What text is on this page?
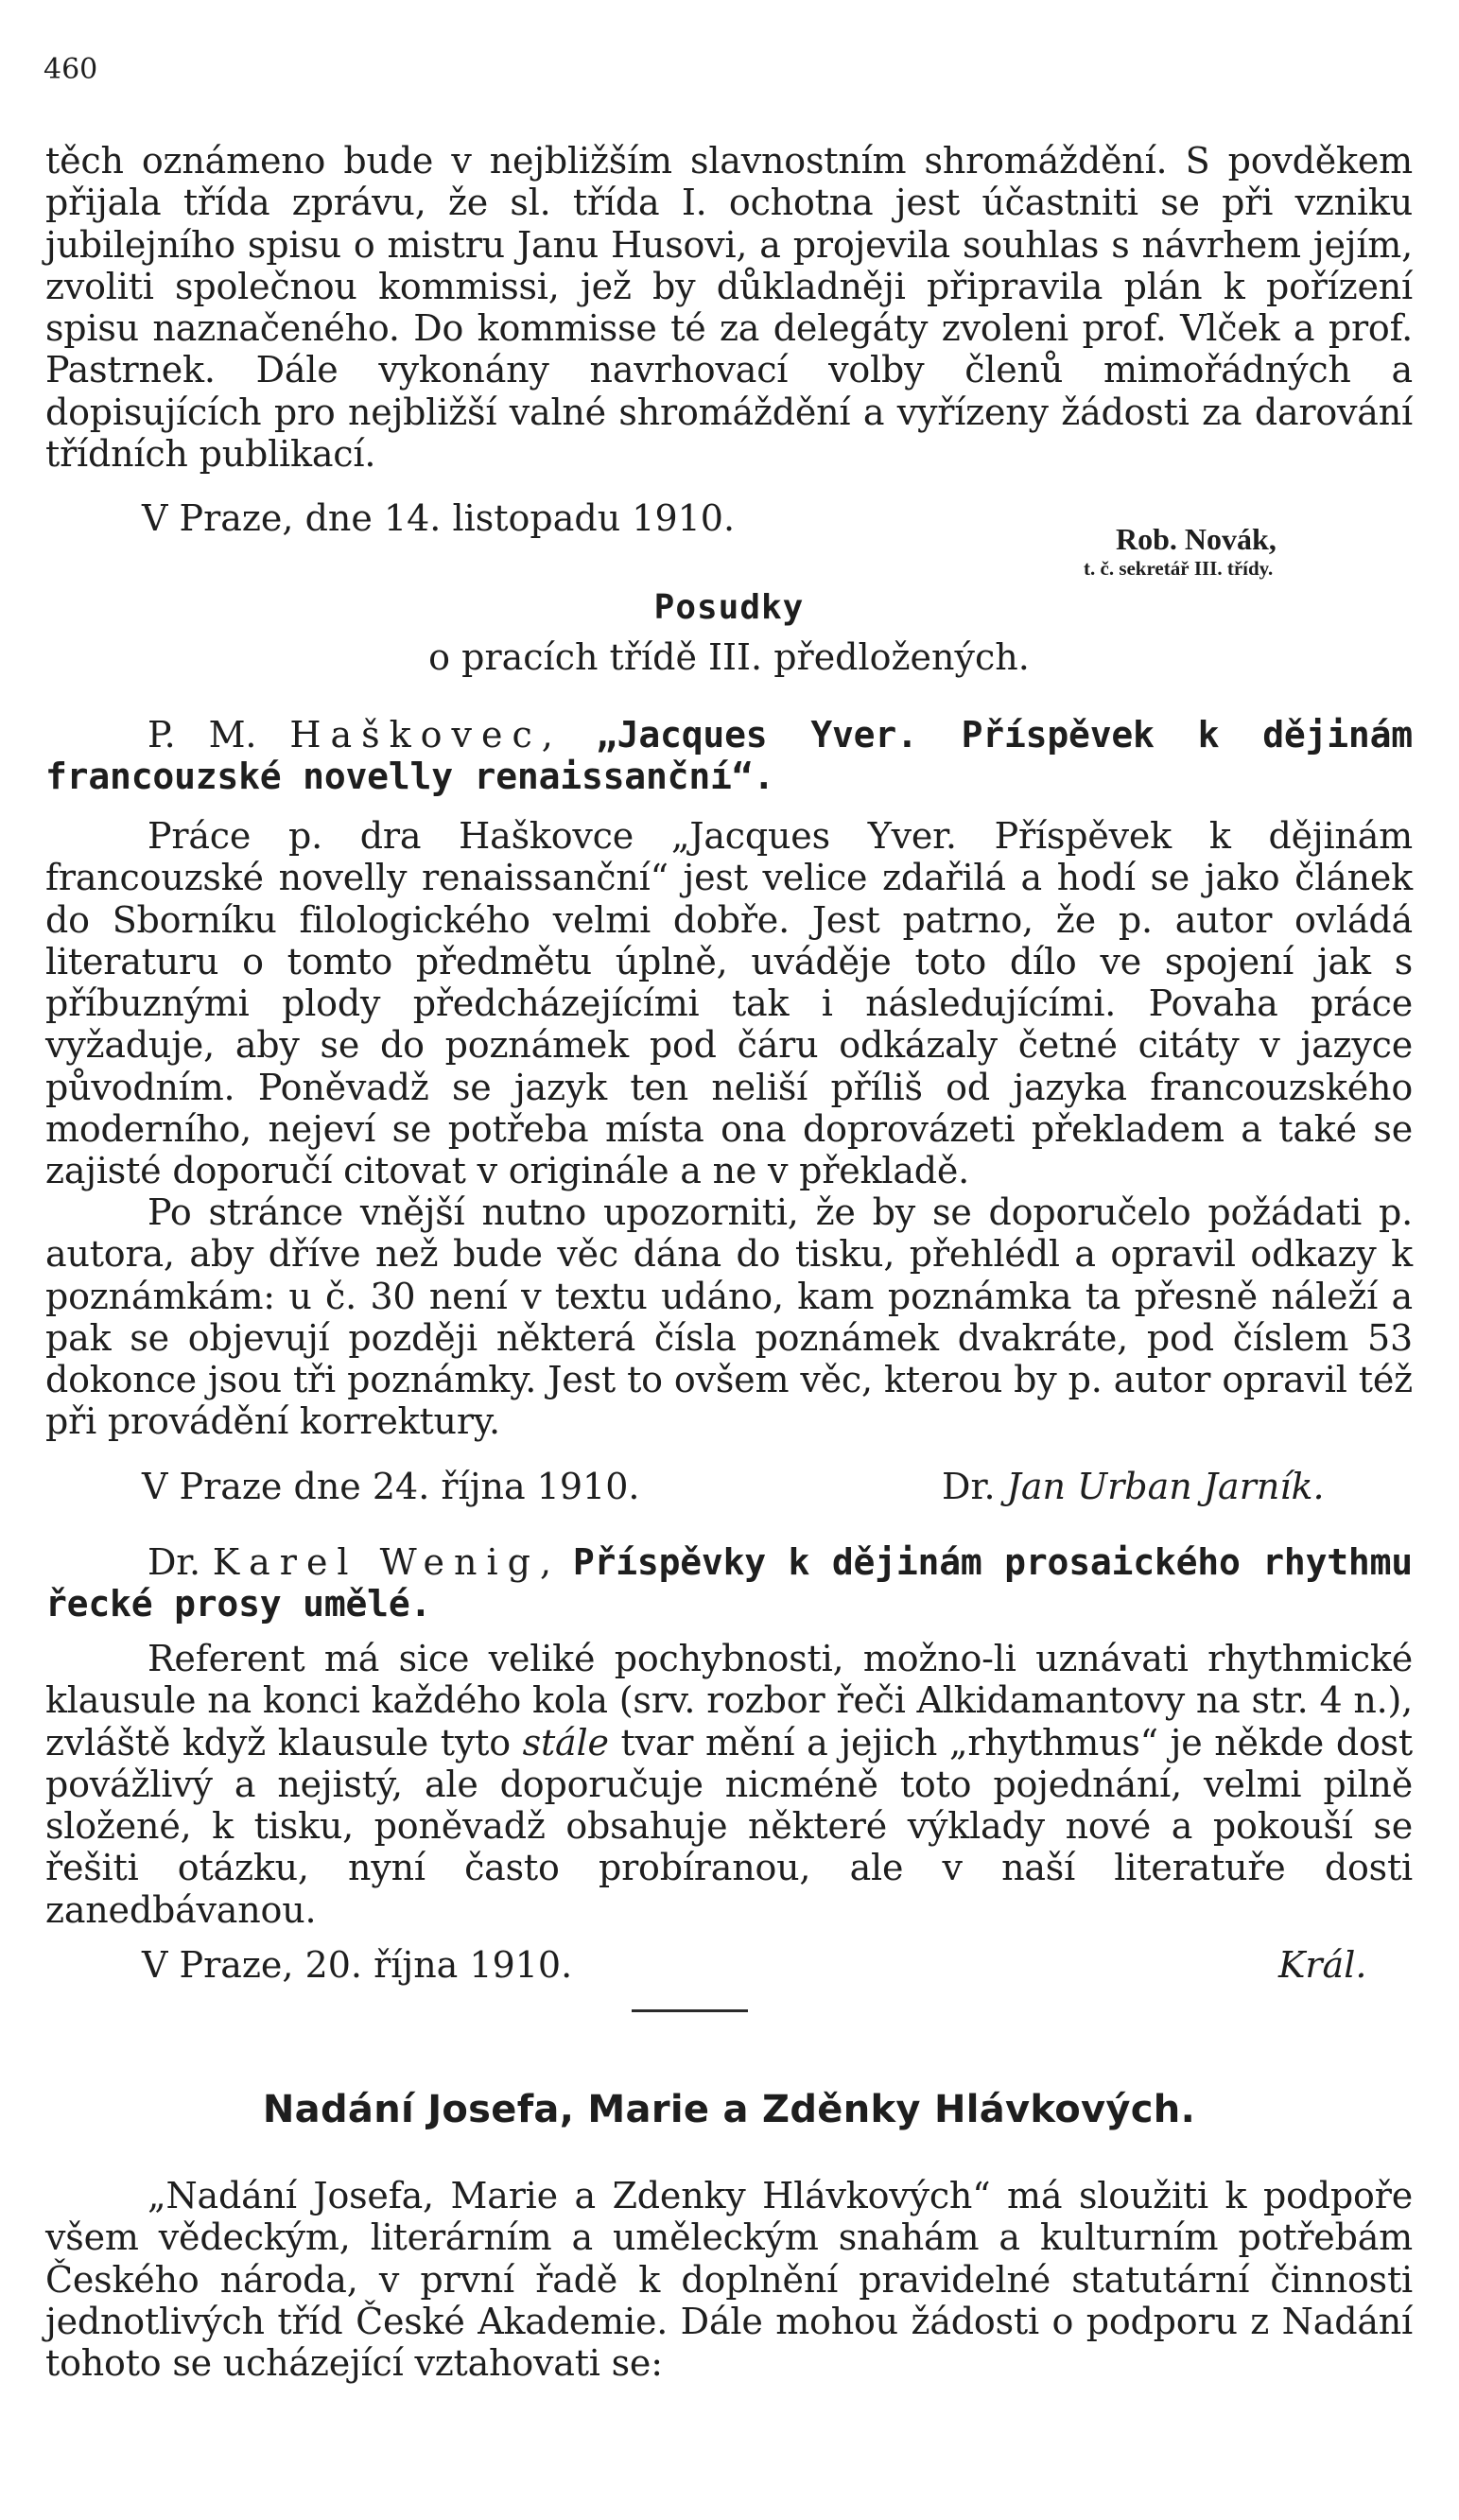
460

těch oznámeno bude v nejbližším slavnostním shromáždění. S povděkem přijala třída zprávu, že sl. třída I. ochotna jest účastniti se při vzniku jubilejního spisu o mistru Janu Husovi, a projevila souhlas s návrhem jejím, zvoliti společnou kommissi, jež by důkladněji připravila plán k pořízení spisu naznačeného. Do kommisse té za delegáty zvoleni prof. Vlček a prof. Pastrnek. Dále vykonány navrhovací volby členů mimořádných a dopisujících pro nejbližší valné shromáždění a vyřízeny žádosti za darování třídních publikací.

V Praze, dne 14. listopadu 1910.	Rob. Novák,
t. č. sekretář III. třídy.
Posudky
o pracích třídě III. předložených.

P. M. Haškovec, „Jacques Yver. Příspěvek k dějinám francouzské novelly renaissanční“.

Práce p. dra Haškovce „Jacques Yver. Příspěvek k dějinám francouzské novelly renaissanční“ jest velice zdařilá a hodí se jako článek do Sborníku filologického velmi dobře. Jest patrno, že p. autor ovládá literaturu o tomto předmětu úplně, uváděje toto dílo ve spojení jak s příbuznými plody předcházejícími tak i následujícími. Povaha práce vyžaduje, aby se do poznámek pod čáru odkázaly četné citáty v jazyce původním. Poněvadž se jazyk ten neliší příliš od jazyka francouzského moderního, nejeví se potřeba místa ona doprovázeti překladem a také se zajisté doporučí citovat v originále a ne v překladě.

Po stránce vnější nutno upozorniti, že by se doporučelo požádati p. autora, aby dříve než bude věc dána do tisku, přehlédl a opravil odkazy k poznámkám: u č. 30 není v textu udáno, kam poznámka ta přesně náleží a pak se objevují později některá čísla poznámek dvakráte, pod číslem 53 dokonce jsou tři poznámky. Jest to ovšem věc, kterou by p. autor opravil též při provádění korrektury.

V Praze dne 24. října 1910.	Dr. Jan Urban Jarník.

Dr. Karel Wenig, Příspěvky k dějinám prosaického rhythmu řecké prosy umělé.

Referent má sice veliké pochybnosti, možno-li uznávati rhythmické klausule na konci každého kola (srv. rozbor řeči Alkidamantovy na str. 4 n.), zvláště když klausule tyto stále tvar mění a jejich „rhythmus“ je někde dost povážlivý a nejistý, ale doporučuje nicméně toto pojednání, velmi pilně složené, k tisku, poněvadž obsahuje některé výklady nové a pokouší se řešiti otázku, nyní často probíranou, ale v naší literatuře dosti zanedbávanou.

V Praze, 20. října 1910.	Král.
Nadání Josefa, Marie a Zděnky Hlávkových.

„Nadání Josefa, Marie a Zdenky Hlávkových“ má sloužiti k podpoře všem vědeckým, literárním a uměleckým snahám a kulturním potřebám Českého národa, v první řadě k doplnění pravidelné statutární činnosti jednotlivých tříd České Akademie. Dále mohou žádosti o podporu z Nadání tohoto se ucházející vztahovati se:
